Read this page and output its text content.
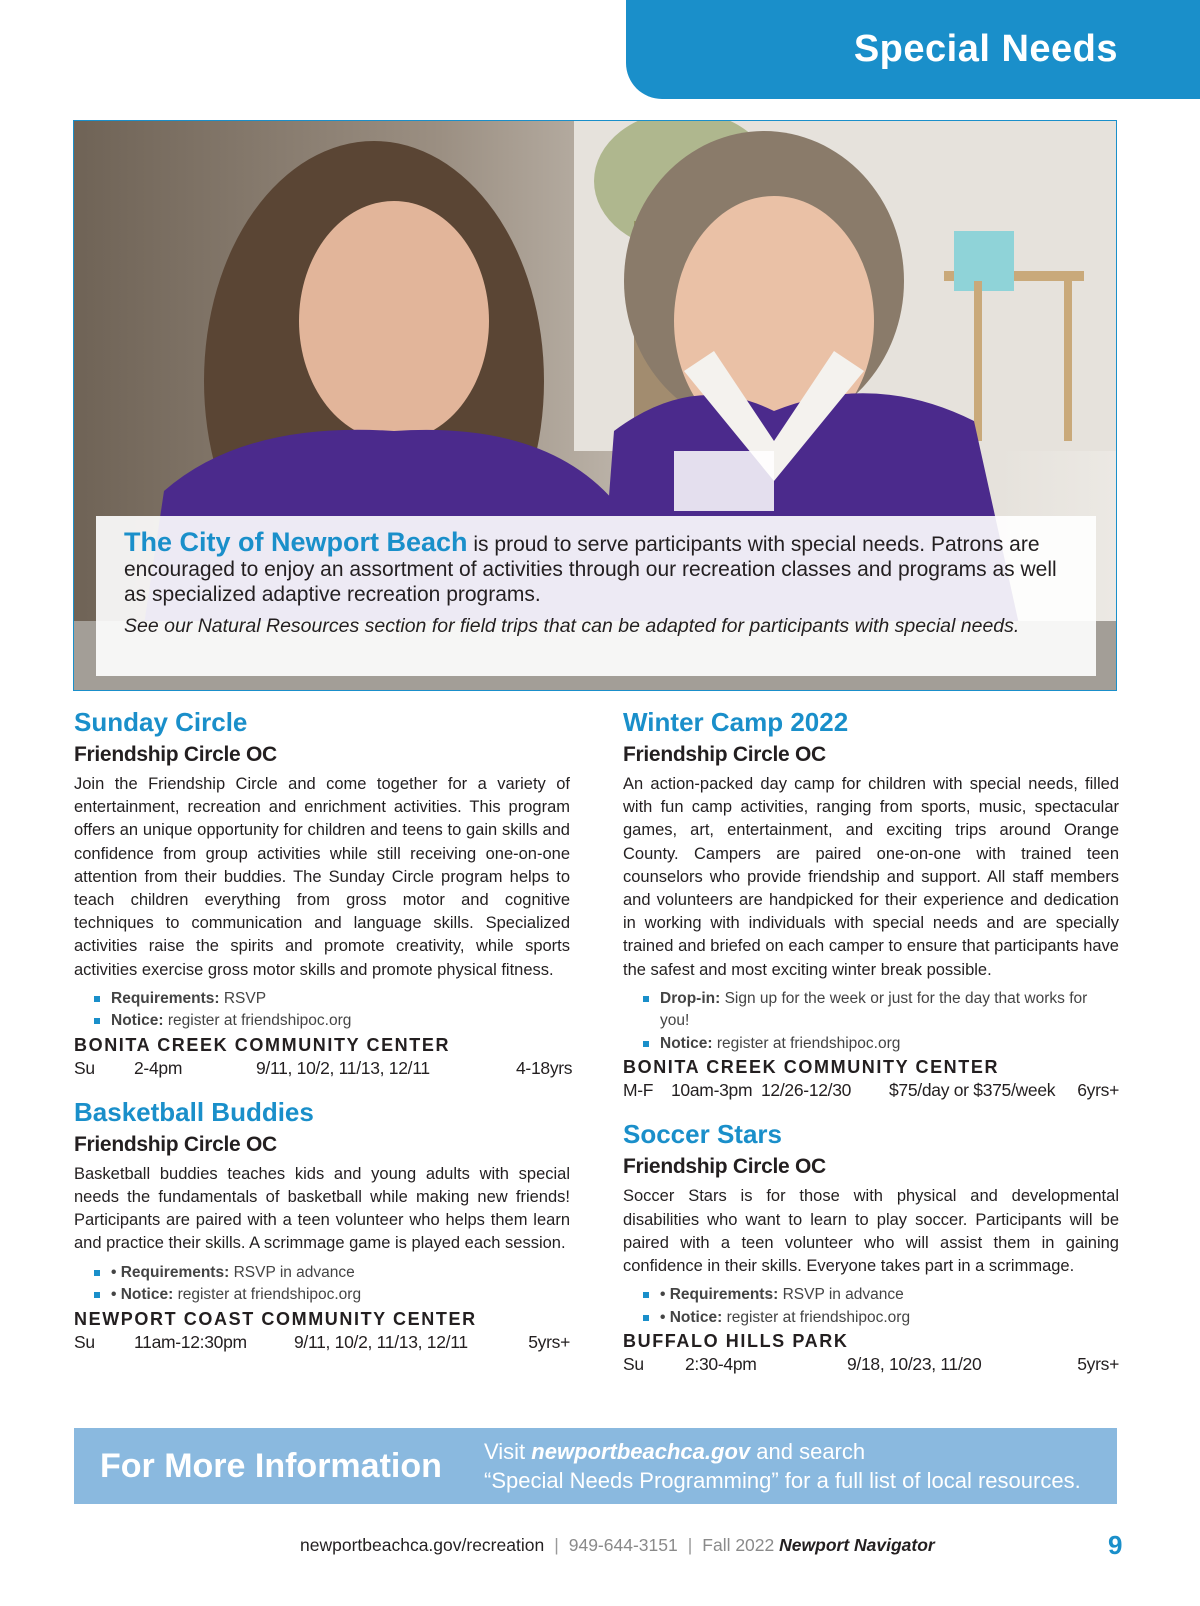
Special Needs

The City of Newport Beach is proud to serve participants with special needs. Patrons are encouraged to enjoy an assortment of activities through our recreation classes and programs as well as specialized adaptive recreation programs.

See our Natural Resources section for field trips that can be adapted for participants with special needs.

Sunday Circle
Friendship Circle OC

Join the Friendship Circle and come together for a variety of entertainment, recreation and enrichment activities. This program offers an unique opportunity for children and teens to gain skills and confidence from group activities while still receiving one-on-one attention from their buddies. The Sunday Circle program helps to teach children everything from gross motor and cognitive techniques to communication and language skills. Specialized activities raise the spirits and promote creativity, while sports activities exercise gross motor skills and promote physical fitness.

Requirements: RSVP
Notice: register at friendshipoc.org
BONITA CREEK COMMUNITY CENTER
Su	2-4pm	9/11, 10/2, 11/13, 12/11	4-18yrs
Basketball Buddies
Friendship Circle OC

Basketball buddies teaches kids and young adults with special needs the fundamentals of basketball while making new friends! Participants are paired with a teen volunteer who helps them learn and practice their skills. A scrimmage game is played each session.

• Requirements: RSVP in advance
• Notice: register at friendshipoc.org
NEWPORT COAST COMMUNITY CENTER
Su	11am-12:30pm	9/11, 10/2, 11/13, 12/11	5yrs+
Winter Camp 2022
Friendship Circle OC

An action-packed day camp for children with special needs, filled with fun camp activities, ranging from sports, music, spectacular games, art, entertainment, and exciting trips around Orange County. Campers are paired one-on-one with trained teen counselors who provide friendship and support. All staff members and volunteers are handpicked for their experience and dedication in working with individuals with special needs and are specially trained and briefed on each camper to ensure that participants have the safest and most exciting winter break possible.

Drop-in: Sign up for the week or just for the day that works for you!
Notice: register at friendshipoc.org
BONITA CREEK COMMUNITY CENTER
M-F	10am-3pm 12/26-12/30	$75/day or $375/week	6yrs+
Soccer Stars
Friendship Circle OC

Soccer Stars is for those with physical and developmental disabilities who want to learn to play soccer. Participants will be paired with a teen volunteer who will assist them in gaining confidence in their skills. Everyone takes part in a scrimmage.

• Requirements: RSVP in advance
• Notice: register at friendshipoc.org
BUFFALO HILLS PARK
Su	2:30-4pm	9/18, 10/23, 11/20	5yrs+
For More Information	Visit newportbeachca.gov and search
“Special Needs Programming” for a full list of local resources.
newportbeachca.gov/recreation | 949-644-3151 | Fall 2022
Newport Navigator	9
